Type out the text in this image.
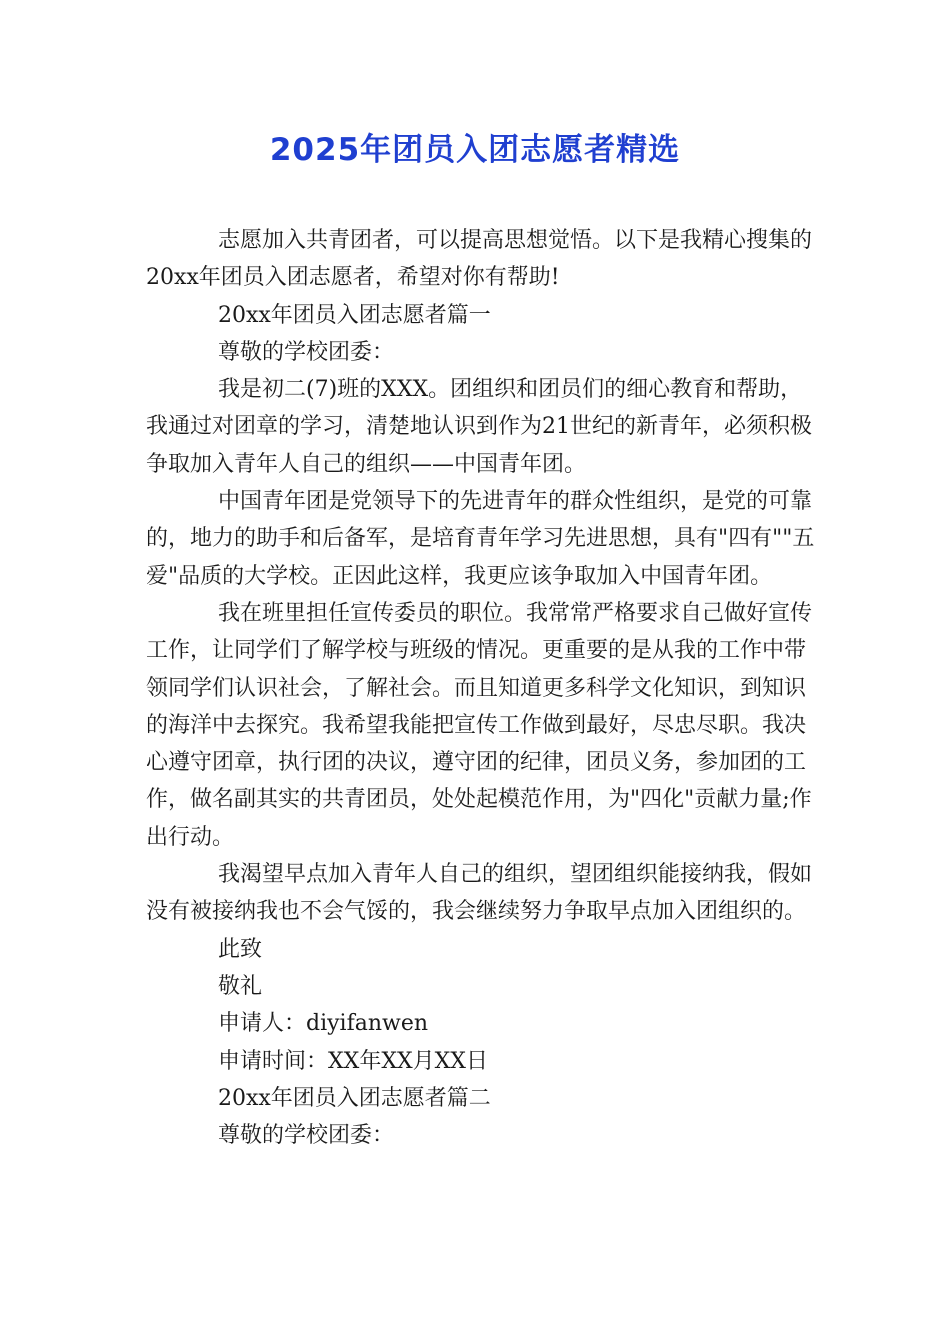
2025年团员入团志愿者精选

志愿加入共青团者，可以提高思想觉悟。以下是我精心搜集的20xx年团员入团志愿者，希望对你有帮助!

20xx年团员入团志愿者篇一

尊敬的学校团委：

我是初二(7)班的XXX。团组织和团员们的细心教育和帮助，我通过对团章的学习，清楚地认识到作为21世纪的新青年，必须积极争取加入青年人自己的组织——中国青年团。

中国青年团是党领导下的先进青年的群众性组织，是党的可靠的，地力的助手和后备军，是培育青年学习先进思想，具有"四有""五爱"品质的大学校。正因此这样，我更应该争取加入中国青年团。

我在班里担任宣传委员的职位。我常常严格要求自己做好宣传工作，让同学们了解学校与班级的情况。更重要的是从我的工作中带领同学们认识社会，了解社会。而且知道更多科学文化知识，到知识的海洋中去探究。我希望我能把宣传工作做到最好，尽忠尽职。我决心遵守团章，执行团的决议，遵守团的纪律，团员义务，参加团的工作，做名副其实的共青团员，处处起模范作用，为"四化"贡献力量;作出行动。

我渴望早点加入青年人自己的组织，望团组织能接纳我，假如没有被接纳我也不会气馁的，我会继续努力争取早点加入团组织的。

此致

敬礼

申请人：diyifanwen

申请时间：XX年XX月XX日

20xx年团员入团志愿者篇二

尊敬的学校团委：
